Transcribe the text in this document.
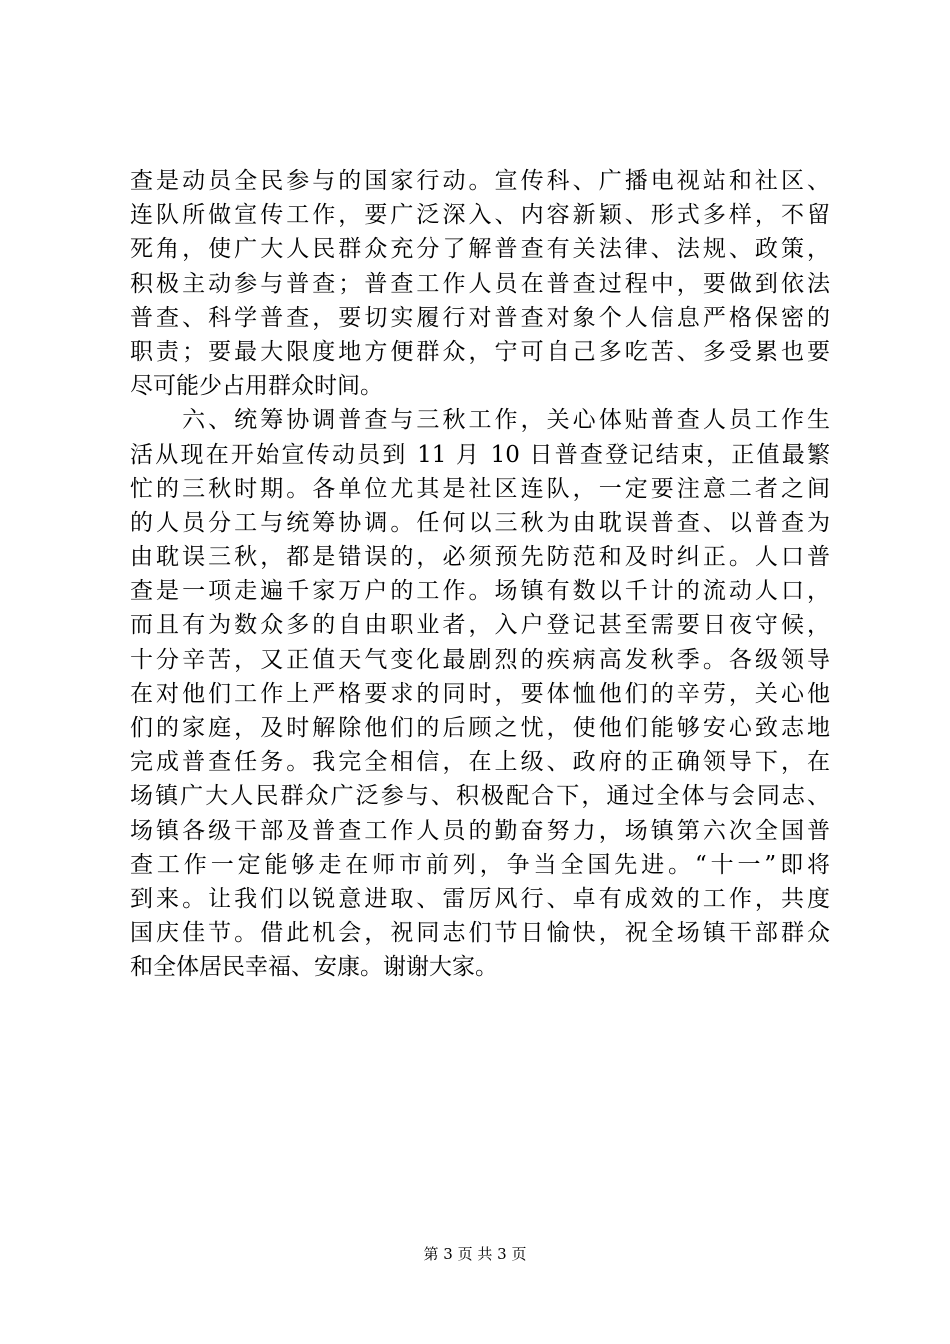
查是动员全民参与的国家行动。宣传科、广播电视站和社区、
连队所做宣传工作，要广泛深入、内容新颖、形式多样，不留
死角，使广大人民群众充分了解普查有关法律、法规、政策，
积极主动参与普查；普查工作人员在普查过程中，要做到依法
普查、科学普查，要切实履行对普查对象个人信息严格保密的
职责；要最大限度地方便群众，宁可自己多吃苦、多受累也要
尽可能少占用群众时间。
　　六、统筹协调普查与三秋工作，关心体贴普查人员工作生
活从现在开始宣传动员到 11 月 10 日普查登记结束，正值最繁
忙的三秋时期。各单位尤其是社区连队，一定要注意二者之间
的人员分工与统筹协调。任何以三秋为由耽误普查、以普查为
由耽误三秋，都是错误的，必须预先防范和及时纠正。人口普
查是一项走遍千家万户的工作。场镇有数以千计的流动人口，
而且有为数众多的自由职业者，入户登记甚至需要日夜守候，
十分辛苦，又正值天气变化最剧烈的疾病高发秋季。各级领导
在对他们工作上严格要求的同时，要体恤他们的辛劳，关心他
们的家庭，及时解除他们的后顾之忧，使他们能够安心致志地
完成普查任务。我完全相信，在上级、政府的正确领导下，在
场镇广大人民群众广泛参与、积极配合下，通过全体与会同志、
场镇各级干部及普查工作人员的勤奋努力，场镇第六次全国普
查工作一定能够走在师市前列，争当全国先进。“十一”即将
到来。让我们以锐意进取、雷厉风行、卓有成效的工作，共度
国庆佳节。借此机会，祝同志们节日愉快，祝全场镇干部群众
和全体居民幸福、安康。谢谢大家。
第 3 页 共 3 页
